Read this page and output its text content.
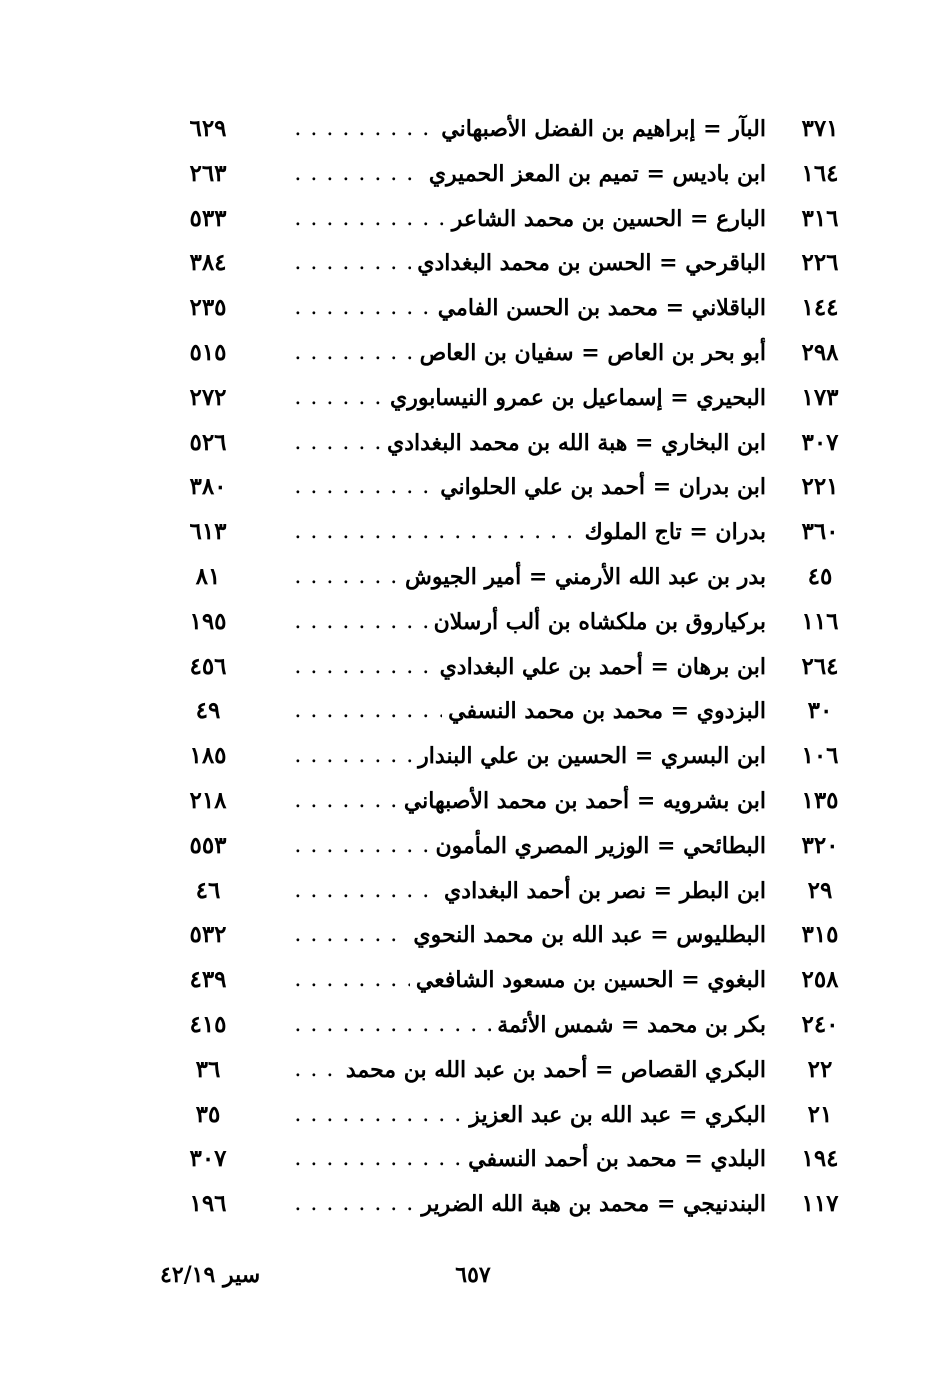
٣٧١
البآر = إبراهيم بن الفضل الأصبهاني . . .
٦٢٩
١٦٤
ابن باديس = تميم بن المعز الحميري . . .
٢٦٣
٣١٦
البارع = الحسين بن محمد الشاعر . . .
٥٣٣
٢٢٦
الباقرحي = الحسن بن محمد البغدادي . . .
٣٨٤
١٤٤
الباقلاني = محمد بن الحسن الفامي . . .
٢٣٥
٢٩٨
أبو بحر بن العاص = سفيان بن العاص . . .
٥١٥
١٧٣
البحيري = إسماعيل بن عمرو النيسابوري . . .
٢٧٢
٣٠٧
ابن البخاري = هبة الله بن محمد البغدادي . . .
٥٢٦
٢٢١
ابن بدران = أحمد بن علي الحلواني . . .
٣٨٠
٣٦٠
بدران = تاج الملوك . . .
٦١٣
٤٥
بدر بن عبد الله الأرمني = أمير الجيوش . . .
٨١
١١٦
بركياروق بن ملكشاه بن ألب أرسلان . . .
١٩٥
٢٦٤
ابن برهان = أحمد بن علي البغدادي . . .
٤٥٦
٣٠
البزدوي = محمد بن محمد النسفي . . .
٤٩
١٠٦
ابن البسري = الحسين بن علي البندار . . .
١٨٥
١٣٥
ابن بشرويه = أحمد بن محمد الأصبهاني . . .
٢١٨
٣٢٠
البطائحي = الوزير المصري المأمون . . .
٥٥٣
٢٩
ابن البطر = نصر بن أحمد البغدادي . . .
٤٦
٣١٥
البطليوس = عبد الله بن محمد النحوي . . .
٥٣٢
٢٥٨
البغوي = الحسين بن مسعود الشافعي . . .
٤٣٩
٢٤٠
بكر بن محمد = شمس الأئمة . . .
٤١٥
٢٢
البكري القصاص = أحمد بن عبد الله بن محمد . . .
٣٦
٢١
البكري = عبد الله بن عبد العزيز . . .
٣٥
١٩٤
البلدي = محمد بن أحمد النسفي . . .
٣٠٧
١١٧
البندنيجي = محمد بن هبة الله الضرير . . .
١٩٦
٦٥٧
سير ٤٢/١٩
